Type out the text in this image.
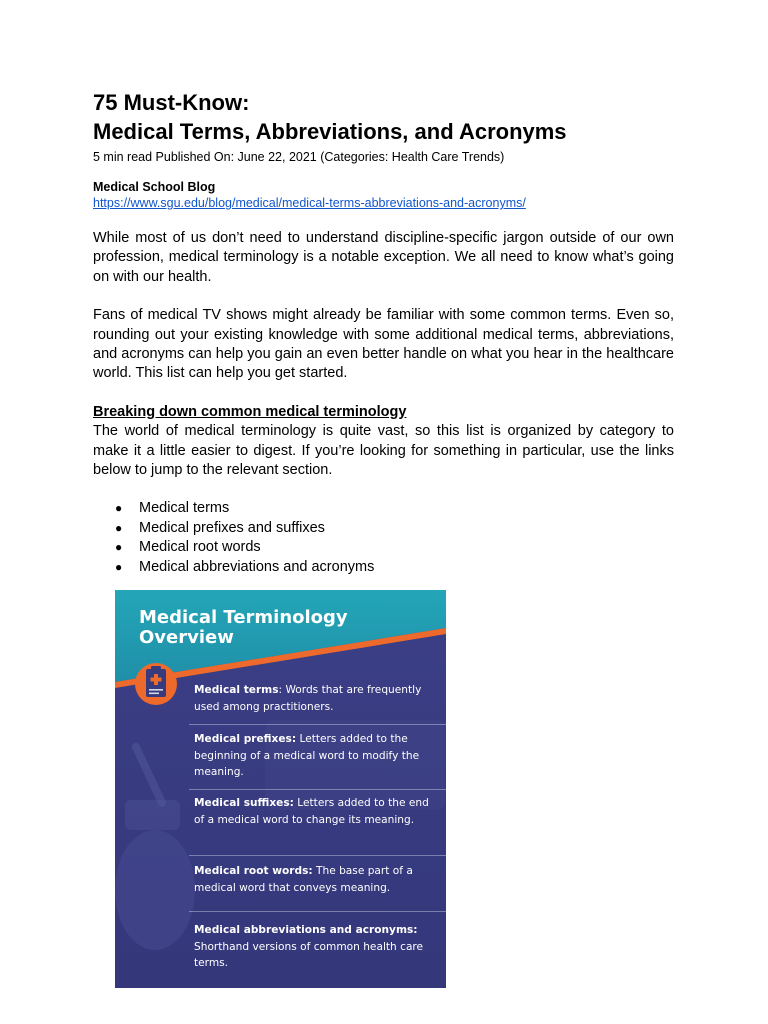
75 Must-Know:
Medical Terms, Abbreviations, and Acronyms
5 min read Published On: June 22, 2021 (Categories: Health Care Trends)
Medical School Blog
https://www.sgu.edu/blog/medical/medical-terms-abbreviations-and-acronyms/

While most of us don’t need to understand discipline-specific jargon outside of our own profession, medical terminology is a notable exception. We all need to know what’s going on with our health.

Fans of medical TV shows might already be familiar with some common terms. Even so, rounding out your existing knowledge with some additional medical terms, abbreviations, and acronyms can help you gain an even better handle on what you hear in the healthcare world. This list can help you get started.

Breaking down common medical terminology

The world of medical terminology is quite vast, so this list is organized by category to make it a little easier to digest. If you’re looking for something in particular, use the links below to jump to the relevant section.

● Medical terms
● Medical prefixes and suffixes
● Medical root words
● Medical abbreviations and acronyms
Medical Terminology
Overview
Medical terms: Words that are frequently used among practitioners.
Medical prefixes: Letters added to the beginning of a medical word to modify the meaning.
Medical suffixes: Letters added to the end of a medical word to change its meaning.
Medical root words: The base part of a medical word that conveys meaning.
Medical abbreviations and acronyms: Shorthand versions of common health care terms.
